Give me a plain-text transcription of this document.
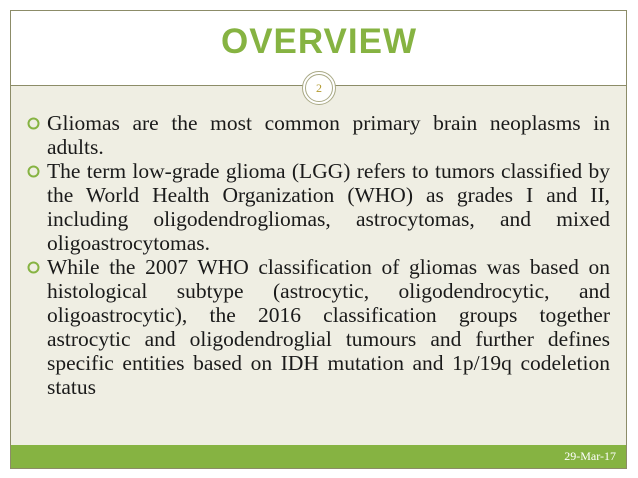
OVERVIEW
2
Gliomas are the most common primary brain neoplasms in adults.
The term low-grade glioma (LGG) refers to tumors classified by the World Health Organization (WHO) as grades I and II, including oligodendrogliomas, astrocytomas, and mixed oligoastrocytomas.
While the 2007 WHO classification of gliomas was based on histological subtype (astrocytic, oligodendrocytic, and oligoastrocytic), the 2016 classification groups together astrocytic and oligodendroglial tumours and further defines specific entities based on IDH mutation and 1p/19q codeletion status
29-Mar-17
